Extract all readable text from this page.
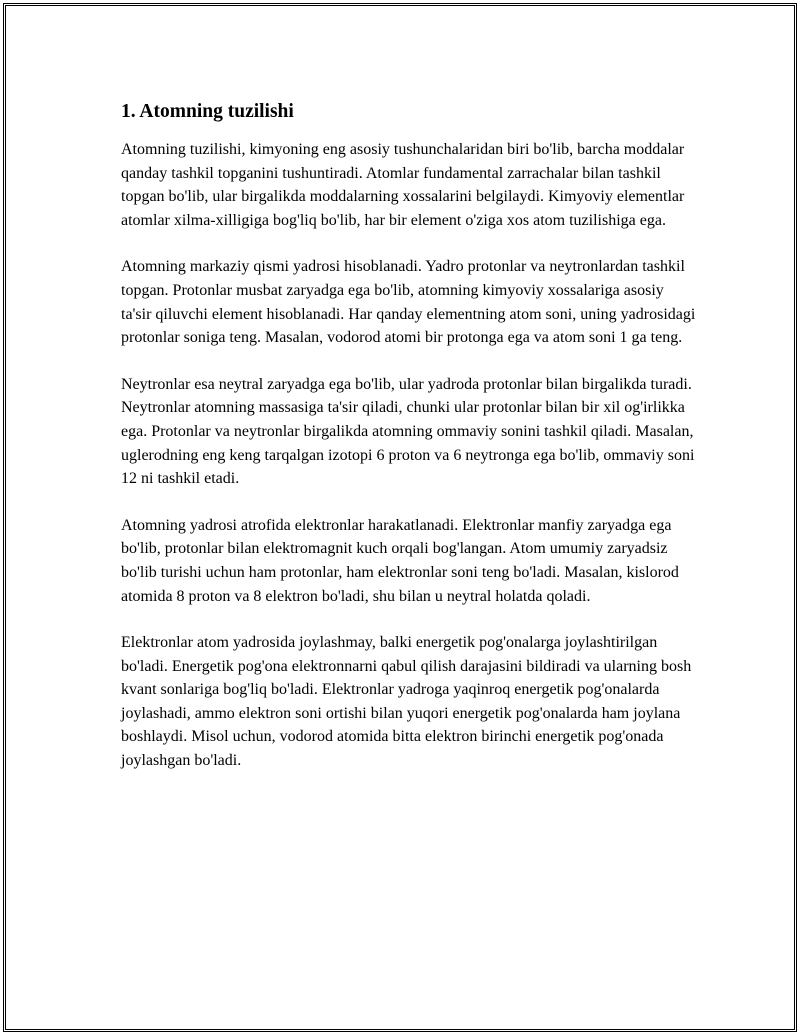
1. Atomning tuzilishi

Atomning tuzilishi, kimyoning eng asosiy tushunchalaridan biri bo'lib, barcha moddalar qanday tashkil topganini tushuntiradi. Atomlar fundamental zarrachalar bilan tashkil topgan bo'lib, ular birgalikda moddalarning xossalarini belgilaydi. Kimyoviy elementlar atomlar xilma-xilligiga bog'liq bo'lib, har bir element o'ziga xos atom tuzilishiga ega.

Atomning markaziy qismi yadrosi hisoblanadi. Yadro protonlar va neytronlardan tashkil topgan. Protonlar musbat zaryadga ega bo'lib, atomning kimyoviy xossalariga asosiy ta'sir qiluvchi element hisoblanadi. Har qanday elementning atom soni, uning yadrosidagi protonlar soniga teng. Masalan, vodorod atomi bir protonga ega va atom soni 1 ga teng.

Neytronlar esa neytral zaryadga ega bo'lib, ular yadroda protonlar bilan birgalikda turadi. Neytronlar atomning massasiga ta'sir qiladi, chunki ular protonlar bilan bir xil og'irlikka ega. Protonlar va neytronlar birgalikda atomning ommaviy sonini tashkil qiladi. Masalan, uglerodning eng keng tarqalgan izotopi 6 proton va 6 neytronga ega bo'lib, ommaviy soni 12 ni tashkil etadi.

Atomning yadrosi atrofida elektronlar harakatlanadi. Elektronlar manfiy zaryadga ega bo'lib, protonlar bilan elektromagnit kuch orqali bog'langan. Atom umumiy zaryadsiz bo'lib turishi uchun ham protonlar, ham elektronlar soni teng bo'ladi. Masalan, kislorod atomida 8 proton va 8 elektron bo'ladi, shu bilan u neytral holatda qoladi.

Elektronlar atom yadrosida joylashmay, balki energetik pog'onalarga joylashtirilgan bo'ladi. Energetik pog'ona elektronnarni qabul qilish darajasini bildiradi va ularning bosh kvant sonlariga bog'liq bo'ladi. Elektronlar yadroga yaqinroq energetik pog'onalarda joylashadi, ammo elektron soni ortishi bilan yuqori energetik pog'onalarda ham joylana boshlaydi. Misol uchun, vodorod atomida bitta elektron birinchi energetik pog'onada joylashgan bo'ladi.
